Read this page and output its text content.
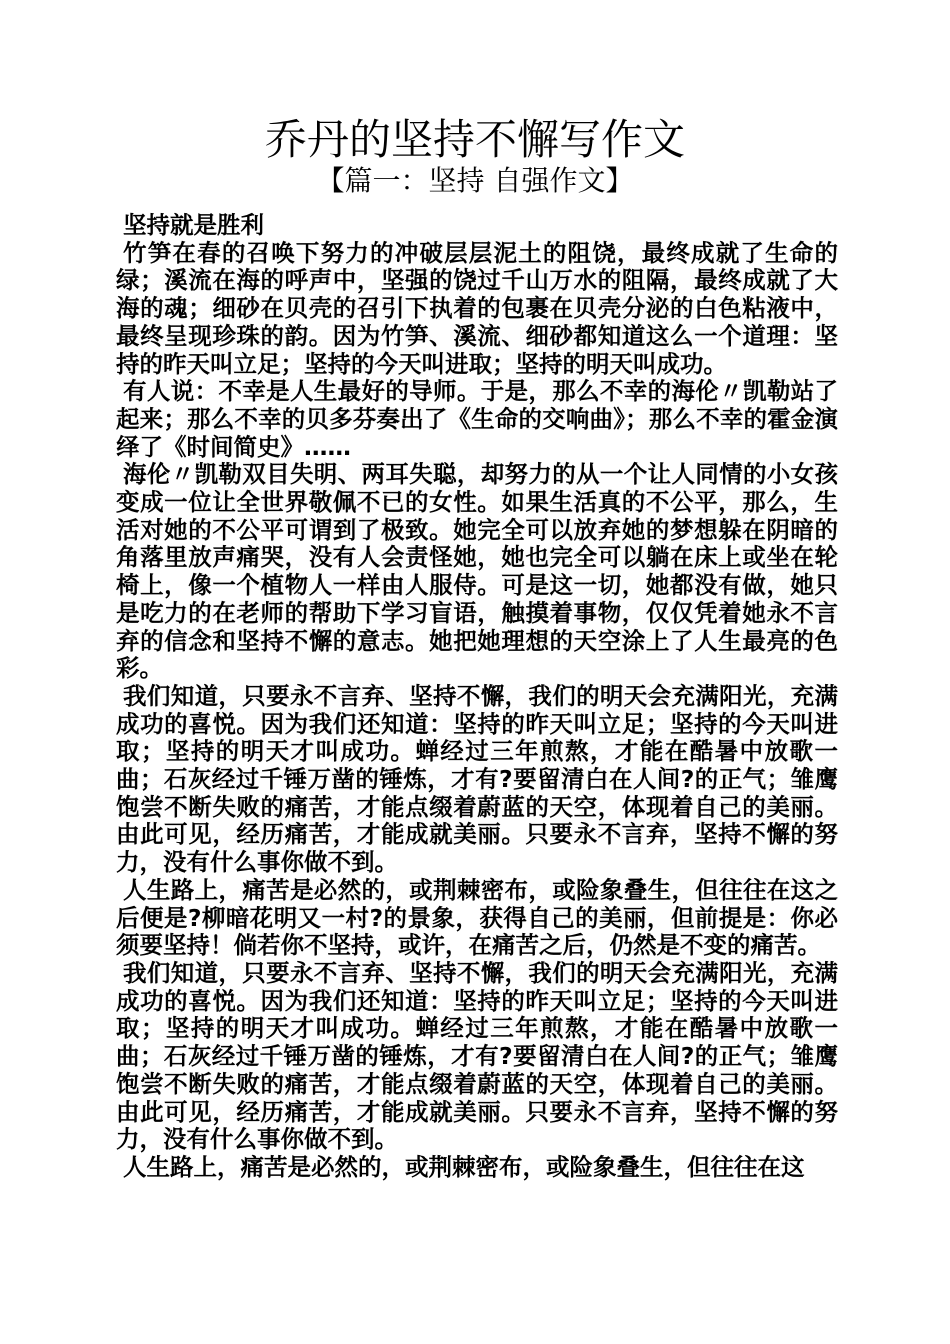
乔丹的坚持不懈写作文
【篇一：坚持 自强作文】

坚持就是胜利

竹笋在春的召唤下努力的冲破层层泥土的阻饶，最终成就了生命的绿；溪流在海的呼声中，坚强的饶过千山万水的阻隔，最终成就了大海的魂；细砂在贝壳的召引下执着的包裹在贝壳分泌的白色粘液中，最终呈现珍珠的韵。因为竹笋、溪流、细砂都知道这么一个道理：坚持的昨天叫立足；坚持的今天叫进取；坚持的明天叫成功。

有人说：不幸是人生最好的导师。于是，那么不幸的海伦〃凯勒站了起来；那么不幸的贝多芬奏出了《生命的交响曲》；那么不幸的霍金演绎了《时间简史》……

海伦〃凯勒双目失明、两耳失聪，却努力的从一个让人同情的小女孩变成一位让全世界敬佩不已的女性。如果生活真的不公平，那么，生活对她的不公平可谓到了极致。她完全可以放弃她的梦想躲在阴暗的角落里放声痛哭，没有人会责怪她，她也完全可以躺在床上或坐在轮椅上，像一个植物人一样由人服侍。可是这一切，她都没有做，她只是吃力的在老师的帮助下学习盲语，触摸着事物，仅仅凭着她永不言弃的信念和坚持不懈的意志。她把她理想的天空涂上了人生最亮的色彩。

我们知道，只要永不言弃、坚持不懈，我们的明天会充满阳光，充满成功的喜悦。因为我们还知道：坚持的昨天叫立足；坚持的今天叫进取；坚持的明天才叫成功。蝉经过三年煎熬，才能在酷暑中放歌一曲；石灰经过千锤万凿的锤炼，才有?要留清白在人间?的正气；雏鹰饱尝不断失败的痛苦，才能点缀着蔚蓝的天空，体现着自己的美丽。由此可见，经历痛苦，才能成就美丽。只要永不言弃，坚持不懈的努力，没有什么事你做不到。

人生路上，痛苦是必然的，或荆棘密布，或险象叠生，但往往在这之后便是?柳暗花明又一村?的景象，获得自己的美丽，但前提是：你必须要坚持！倘若你不坚持，或许，在痛苦之后，仍然是不变的痛苦。

我们知道，只要永不言弃、坚持不懈，我们的明天会充满阳光，充满成功的喜悦。因为我们还知道：坚持的昨天叫立足；坚持的今天叫进取；坚持的明天才叫成功。蝉经过三年煎熬，才能在酷暑中放歌一曲；石灰经过千锤万凿的锤炼，才有?要留清白在人间?的正气；雏鹰饱尝不断失败的痛苦，才能点缀着蔚蓝的天空，体现着自己的美丽。由此可见，经历痛苦，才能成就美丽。只要永不言弃，坚持不懈的努力，没有什么事你做不到。

人生路上，痛苦是必然的，或荆棘密布，或险象叠生，但往往在这
